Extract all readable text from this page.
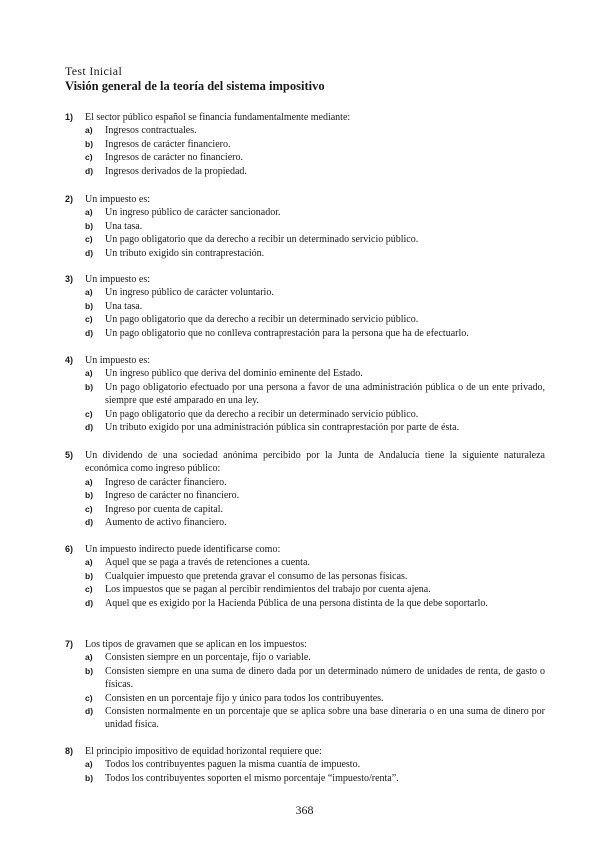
Test Inicial
Visión general de la teoría del sistema impositivo
1)	El sector público español se financia fundamentalmente mediante:
a)	Ingresos contractuales.
b)	Ingresos de carácter financiero.
c)	Ingresos de carácter no financiero.
d)	Ingresos derivados de la propiedad.
2)	Un impuesto es:
a)	Un ingreso público de carácter sancionador.
b)	Una tasa.
c)	Un pago obligatorio que da derecho a recibir un determinado servicio público.
d)	Un tributo exigido sin contraprestación.
3)	Un impuesto es:
a)	Un ingreso público de carácter voluntario.
b)	Una tasa.
c)	Un pago obligatorio que da derecho a recibir un determinado servicio público.
d)	Un pago obligatorio que no conlleva contraprestación para la persona que ha de efectuarlo.
4)	Un impuesto es:
a)	Un ingreso público que deriva del dominio eminente del Estado.
b)	Un pago obligatorio efectuado por una persona a favor de una administración pública o de un ente privado, siempre que esté amparado en una ley.
c)	Un pago obligatorio que da derecho a recibir un determinado servicio público.
d)	Un tributo exigido por una administración pública sin contraprestación por parte de ésta.
5)	Un dividendo de una sociedad anónima percibido por la Junta de Andalucía tiene la siguiente naturaleza económica como ingreso público:
a)	Ingreso de carácter financiero.
b)	Ingreso de carácter no financiero.
c)	Ingreso por cuenta de capital.
d)	Aumento de activo financiero.
6)	Un impuesto indirecto puede identificarse como:
a)	Aquel que se paga a través de retenciones a cuenta.
b)	Cualquier impuesto que pretenda gravar el consumo de las personas físicas.
c)	Los impuestos que se pagan al percibir rendimientos del trabajo por cuenta ajena.
d)	Aquel que es exigido por la Hacienda Pública de una persona distinta de la que debe soportarlo.
7)	Los tipos de gravamen que se aplican en los impuestos:
a)	Consisten siempre en un porcentaje, fijo o variable.
b)	Consisten siempre en una suma de dinero dada por un determinado número de unidades de renta, de gasto o físicas.
c)	Consisten en un porcentaje fijo y único para todos los contribuyentes.
d)	Consisten normalmente en un porcentaje que se aplica sobre una base dineraria o en una suma de dinero por unidad física.
8)	El principio impositivo de equidad horizontal requiere que:
a)	Todos los contribuyentes paguen la misma cuantía de impuesto.
b)	Todos los contribuyentes soporten el mismo porcentaje “impuesto/renta”.
368
